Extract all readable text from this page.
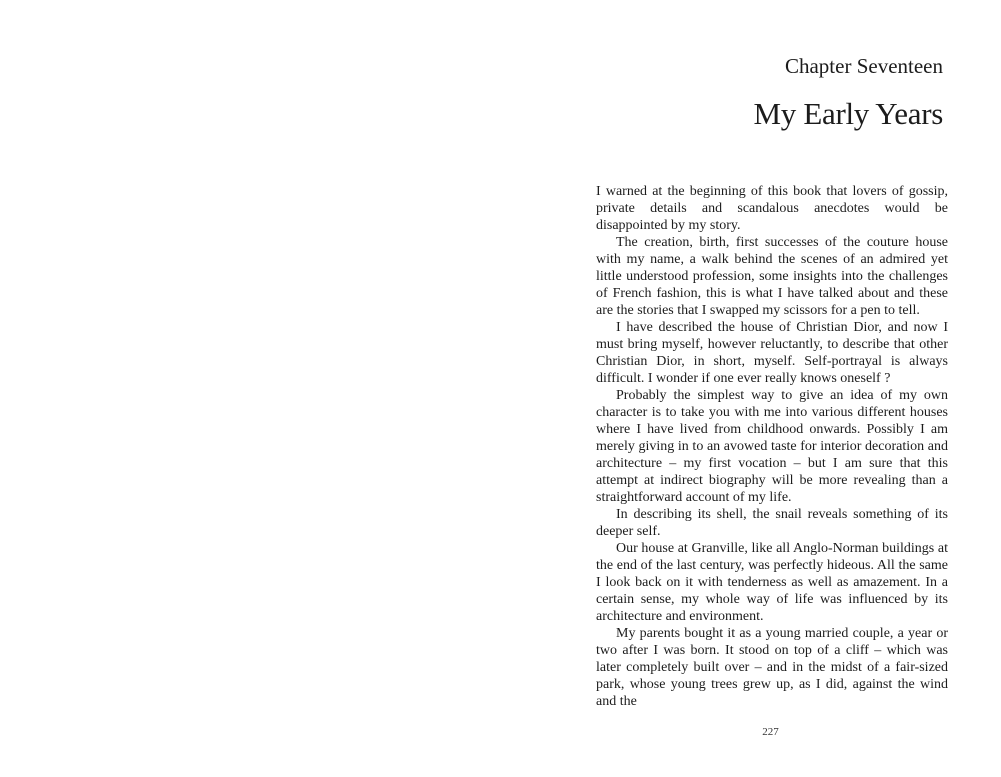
Chapter Seventeen
My Early Years

I warned at the beginning of this book that lovers of gossip, private details and scandalous anecdotes would be disappointed by my story.

The creation, birth, first successes of the couture house with my name, a walk behind the scenes of an admired yet little understood profession, some insights into the challenges of French fashion, this is what I have talked about and these are the stories that I swapped my scissors for a pen to tell.

I have described the house of Christian Dior, and now I must bring myself, however reluctantly, to describe that other Christian Dior, in short, myself. Self-portrayal is always difficult. I wonder if one ever really knows oneself ?

Probably the simplest way to give an idea of my own character is to take you with me into various different houses where I have lived from childhood onwards. Possibly I am merely giving in to an avowed taste for interior decoration and architecture – my first vocation – but I am sure that this attempt at indirect biography will be more revealing than a straightforward account of my life.

In describing its shell, the snail reveals something of its deeper self.

Our house at Granville, like all Anglo-Norman buildings at the end of the last century, was perfectly hideous. All the same I look back on it with tenderness as well as amazement. In a certain sense, my whole way of life was influenced by its architecture and environment.

My parents bought it as a young married couple, a year or two after I was born. It stood on top of a cliff – which was later completely built over – and in the midst of a fair-sized park, whose young trees grew up, as I did, against the wind and the

227
